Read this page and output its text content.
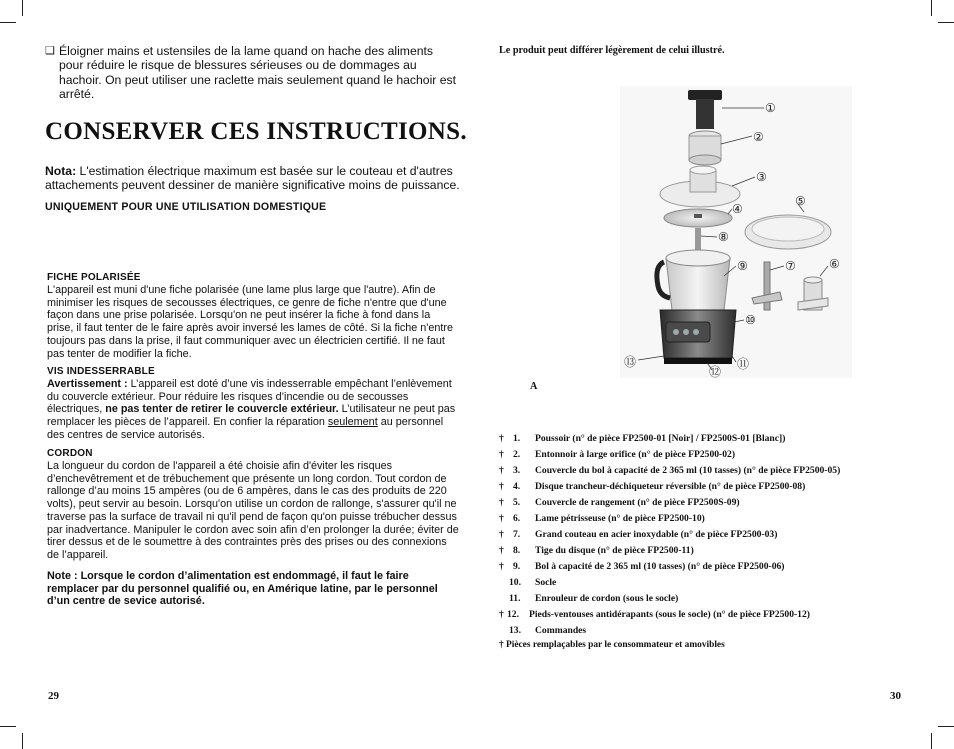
❑ Éloigner mains et ustensiles de la lame quand on hache des aliments pour réduire le risque de blessures sérieuses ou de dommages au hachoir. On peut utiliser une raclette mais seulement quand le hachoir est arrêté.
CONSERVER CES INSTRUCTIONS.
Nota: L'estimation électrique maximum est basée sur le couteau et d'autres attachements peuvent dessiner de manière significative moins de puissance.
UNIQUEMENT POUR UNE UTILISATION DOMESTIQUE
FICHE POLARISÉE
L'appareil est muni d'une fiche polarisée (une lame plus large que l'autre). Afin de minimiser les risques de secousses électriques, ce genre de fiche n'entre que d'une façon dans une prise polarisée. Lorsqu'on ne peut insérer la fiche à fond dans la prise, il faut tenter de le faire après avoir inversé les lames de côté. Si la fiche n'entre toujours pas dans la prise, il faut communiquer avec un électricien certifié. Il ne faut pas tenter de modifier la fiche.
VIS INDESSERRABLE
Avertissement : L’appareil est doté d’une vis indesserrable empêchant l’enlèvement du couvercle extérieur. Pour réduire les risques d’incendie ou de secousses électriques, ne pas tenter de retirer le couvercle extérieur. L’utilisateur ne peut pas remplacer les pièces de l’appareil. En confier la réparation seulement au personnel des centres de service autorisés.
CORDON
La longueur du cordon de l'appareil a été choisie afin d'éviter les risques d’enchevêtrement et de trébuchement que présente un long cordon. Tout cordon de rallonge d’au moins 15 ampères (ou de 6 ampères, dans le cas des produits de 220 volts), peut servir au besoin. Lorsqu'on utilise un cordon de rallonge, s'assurer qu'il ne traverse pas la surface de travail ni qu'il pend de façon qu'on puisse trébucher dessus par inadvertance. Manipuler le cordon avec soin afin d’en prolonger la durée; éviter de tirer dessus et de le soumettre à des contraintes près des prises ou des connexions de l’appareil.
Note : Lorsque le cordon d’alimentation est endommagé, il faut le faire remplacer par du personnel qualifié ou, en Amérique latine, par le personnel d’un centre de sevice autorisé.
29
Le produit peut différer légèrement de celui illustré.
①
②
③
④
⑤
⑥
⑦
⑧
⑨
⑩
⑪
⑫
⑬
A
† 1. Poussoir (n° de pièce FP2500-01 [Noir] / FP2500S-01 [Blanc])
† 2. Entonnoir à large orifice (n° de pièce FP2500-02)
† 3. Couvercle du bol à capacité de 2 365 ml (10 tasses) (n° de pièce FP2500-05)
† 4. Disque trancheur-déchiqueteur réversible (n° de pièce FP2500-08)
† 5. Couvercle de rangement (n° de pièce FP2500S-09)
† 6. Lame pétrisseuse (n° de pièce FP2500-10)
† 7. Grand couteau en acier inoxydable (n° de pièce FP2500-03)
† 8. Tige du disque (n° de pièce FP2500-11)
† 9. Bol à capacité de 2 365 ml (10 tasses) (n° de pièce FP2500-06)
10. Socle
11. Enrouleur de cordon (sous le socle)
† 12. Pieds-ventouses antidérapants (sous le socle) (n° de pièce FP2500-12)
13. Commandes
† Pièces remplaçables par le consommateur et amovibles
30
